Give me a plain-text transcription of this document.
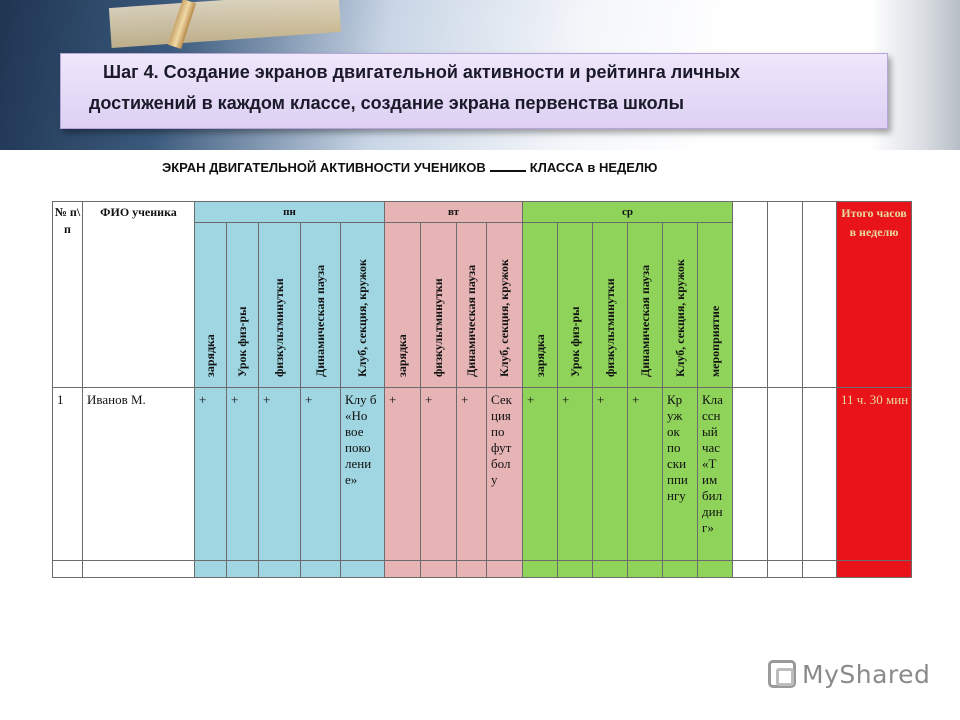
Шаг 4. Создание экранов двигательной активности и рейтинга личных
достижений в каждом классе, создание экрана первенства школы
ЭКРАН ДВИГАТЕЛЬНОЙ АКТИВНОСТИ УЧЕНИКОВ	КЛАССА в НЕДЕЛЮ
№ п\ п	ФИО ученика	пн					вт				ср									Итого часов в неделю

		зарядка	Урок физ-ры	физкультминутки	Динамическая пауза	Клуб, секция, кружок	зарядка	физкультминутки	Динамическая пауза	Клуб, секция, кружок	зарядка	Урок физ-ры	физкультминутки	Динамическая пауза	Клуб, секция, кружок	мероприятие				

1	Иванов М.	+	+	+	+	Клу б «Но вое поко лени е»	+	+	+	Сек ция по фут бол у	+	+	+	+	Кр уж ок по ски ппи нгу	Кла ссн ый час «Т им бил дин г»				11 ч. 30 мин

MyShared
